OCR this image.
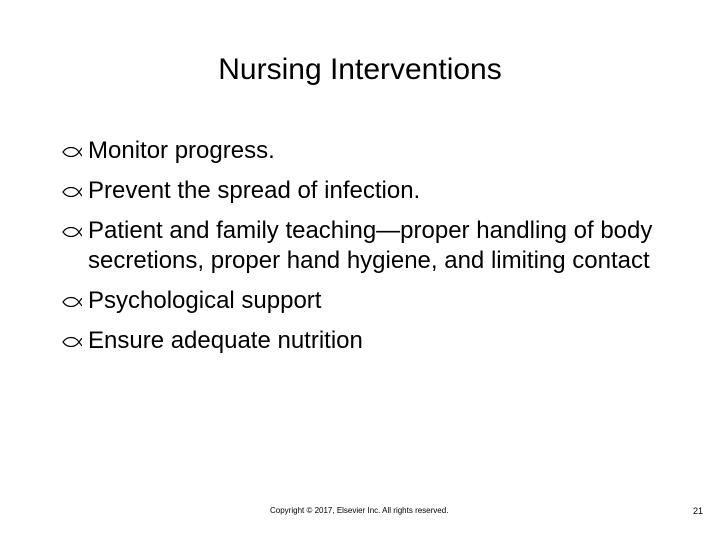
Nursing Interventions
Monitor progress.
Prevent the spread of infection.
Patient and family teaching—proper handling of body secretions, proper hand hygiene, and limiting contact
Psychological support
Ensure adequate nutrition
Copyright © 2017, Elsevier Inc. All rights reserved.	21
